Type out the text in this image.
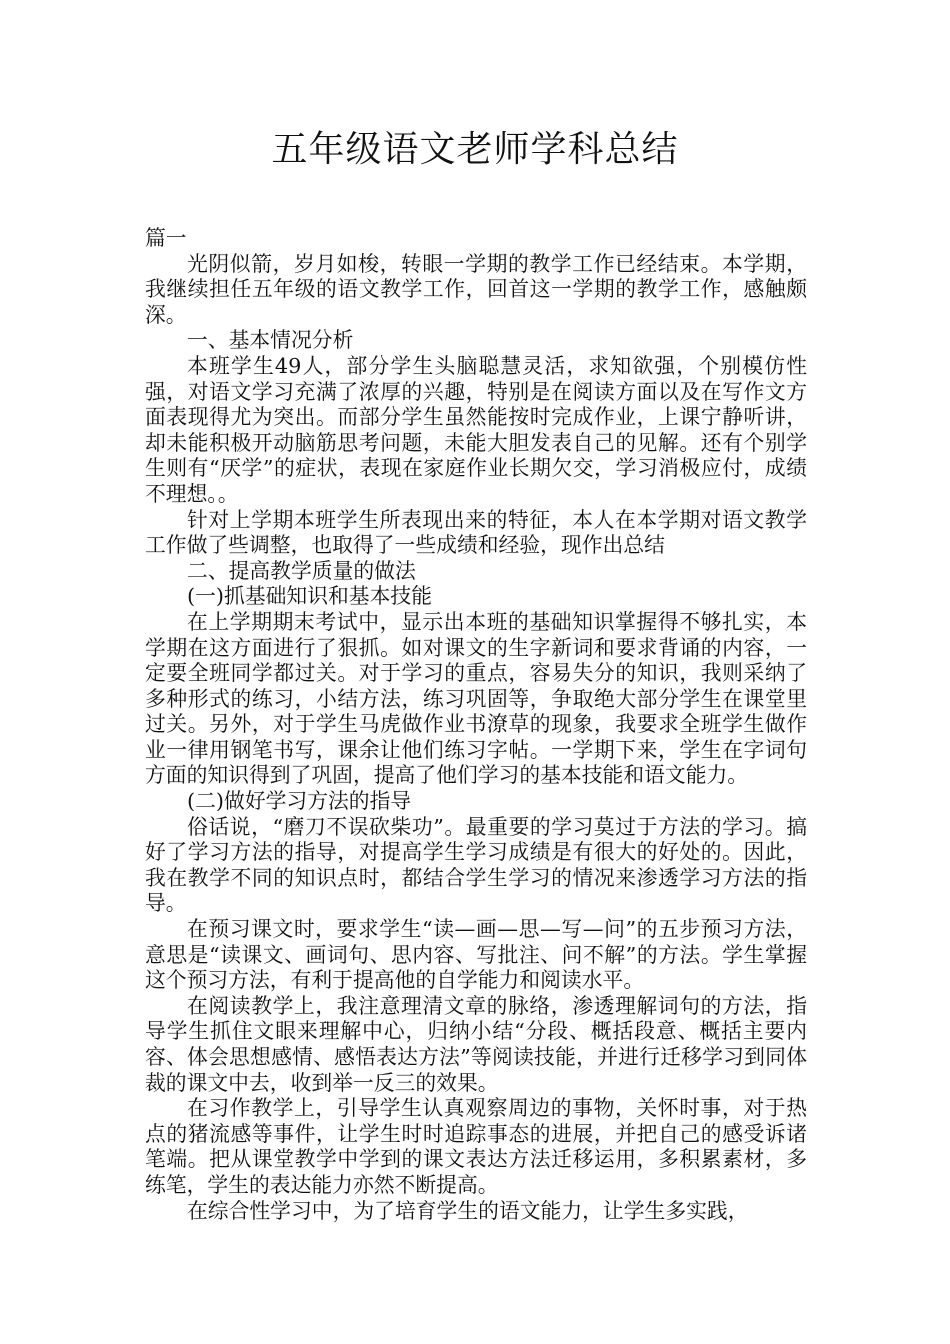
五年级语文老师学科总结

篇一

光阴似箭，岁月如梭，转眼一学期的教学工作已经结束。本学期，我继续担任五年级的语文教学工作，回首这一学期的教学工作，感触颇深。

一、基本情况分析

本班学生49人，部分学生头脑聪慧灵活，求知欲强，个别模仿性强，对语文学习充满了浓厚的兴趣，特别是在阅读方面以及在写作文方面表现得尤为突出。而部分学生虽然能按时完成作业，上课宁静听讲，却未能积极开动脑筋思考问题，未能大胆发表自己的见解。还有个别学生则有“厌学”的症状，表现在家庭作业长期欠交，学习消极应付，成绩不理想。。

针对上学期本班学生所表现出来的特征，本人在本学期对语文教学工作做了些调整，也取得了一些成绩和经验，现作出总结

二、提高教学质量的做法

(一)抓基础知识和基本技能

在上学期期末考试中，显示出本班的基础知识掌握得不够扎实，本学期在这方面进行了狠抓。如对课文的生字新词和要求背诵的内容，一定要全班同学都过关。对于学习的重点，容易失分的知识，我则采纳了多种形式的练习，小结方法，练习巩固等，争取绝大部分学生在课堂里过关。另外，对于学生马虎做作业书潦草的现象，我要求全班学生做作业一律用钢笔书写，课余让他们练习字帖。一学期下来，学生在字词句方面的知识得到了巩固，提高了他们学习的基本技能和语文能力。

(二)做好学习方法的指导

俗话说，“磨刀不误砍柴功”。最重要的学习莫过于方法的学习。搞好了学习方法的指导，对提高学生学习成绩是有很大的好处的。因此，我在教学不同的知识点时，都结合学生学习的情况来渗透学习方法的指导。

在预习课文时，要求学生“读—画—思—写—问”的五步预习方法，意思是“读课文、画词句、思内容、写批注、问不解”的方法。学生掌握这个预习方法，有利于提高他的自学能力和阅读水平。

在阅读教学上，我注意理清文章的脉络，渗透理解词句的方法，指导学生抓住文眼来理解中心，归纳小结“分段、概括段意、概括主要内容、体会思想感情、感悟表达方法”等阅读技能，并进行迁移学习到同体裁的课文中去，收到举一反三的效果。

在习作教学上，引导学生认真观察周边的事物，关怀时事，对于热点的猪流感等事件，让学生时时追踪事态的进展，并把自己的感受诉诸笔端。把从课堂教学中学到的课文表达方法迁移运用，多积累素材，多练笔，学生的表达能力亦然不断提高。

在综合性学习中，为了培育学生的语文能力，让学生多实践，
